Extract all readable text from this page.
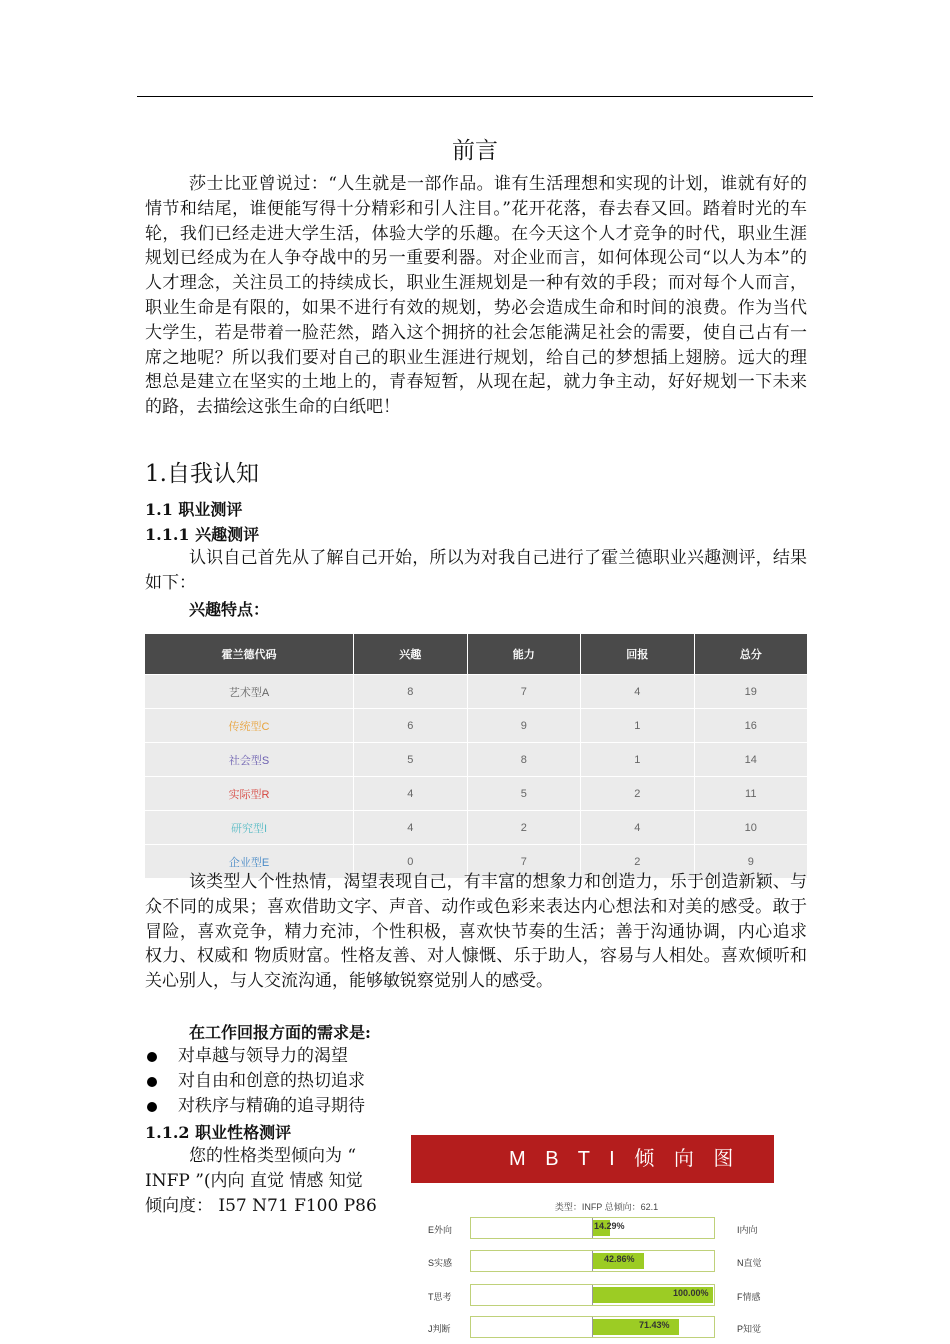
前言

莎士比亚曾说过：“人生就是一部作品。谁有生活理想和实现的计划，谁就有好的情节和结尾，谁便能写得十分精彩和引人注目。”花开花落，春去春又回。踏着时光的车轮，我们已经走进大学生活，体验大学的乐趣。在今天这个人才竞争的时代，职业生涯规划已经成为在人争夺战中的另一重要利器。对企业而言，如何体现公司“以人为本”的人才理念，关注员工的持续成长，职业生涯规划是一种有效的手段；而对每个人而言，职业生命是有限的，如果不进行有效的规划，势必会造成生命和时间的浪费。作为当代大学生，若是带着一脸茫然，踏入这个拥挤的社会怎能满足社会的需要，使自己占有一席之地呢？所以我们要对自己的职业生涯进行规划，给自己的梦想插上翅膀。远大的理想总是建立在坚实的土地上的，青春短暂，从现在起，就力争主动，好好规划一下未来的路，去描绘这张生命的白纸吧！

1.自我认知
1.1 职业测评
1.1.1 兴趣测评

认识自己首先从了解自己开始，所以为对我自己进行了霍兰德职业兴趣测评，结果如下：

兴趣特点：
霍兰德代码	兴趣	能力	回报	总分
艺术型A	8	7	4	19
传统型C	6	9	1	16
社会型S	5	8	1	14
实际型R	4	5	2	11
研究型I	4	2	4	10
企业型E	0	7	2	9

该类型人个性热情，渴望表现自己，有丰富的想象力和创造力，乐于创造新颖、与众不同的成果；喜欢借助文字、声音、动作或色彩来表达内心想法和对美的感受。敢于冒险，喜欢竞争，精力充沛，个性积极，喜欢快节奏的生活；善于沟通协调，内心追求权力、权威和 物质财富。性格友善、对人慷慨、乐于助人，容易与人相处。喜欢倾听和关心别人，与人交流沟通，能够敏锐察觉别人的感受。

在工作回报方面的需求是:
对卓越与领导力的渴望
对自由和创意的热切追求
对秩序与精确的追寻期待
1.1.2 职业性格测评
您的性格类型倾向为 “
INFP ”(内向 直觉 情感 知觉
倾向度： I57 N71 F100 P86
M B T I 倾 向 图
类型：INFP 总倾向：62.1
E外向	14.29%	I内向
S实感	42.86%	N直觉
T思考	100.00%	F情感
J判断	71.43%	P知觉
